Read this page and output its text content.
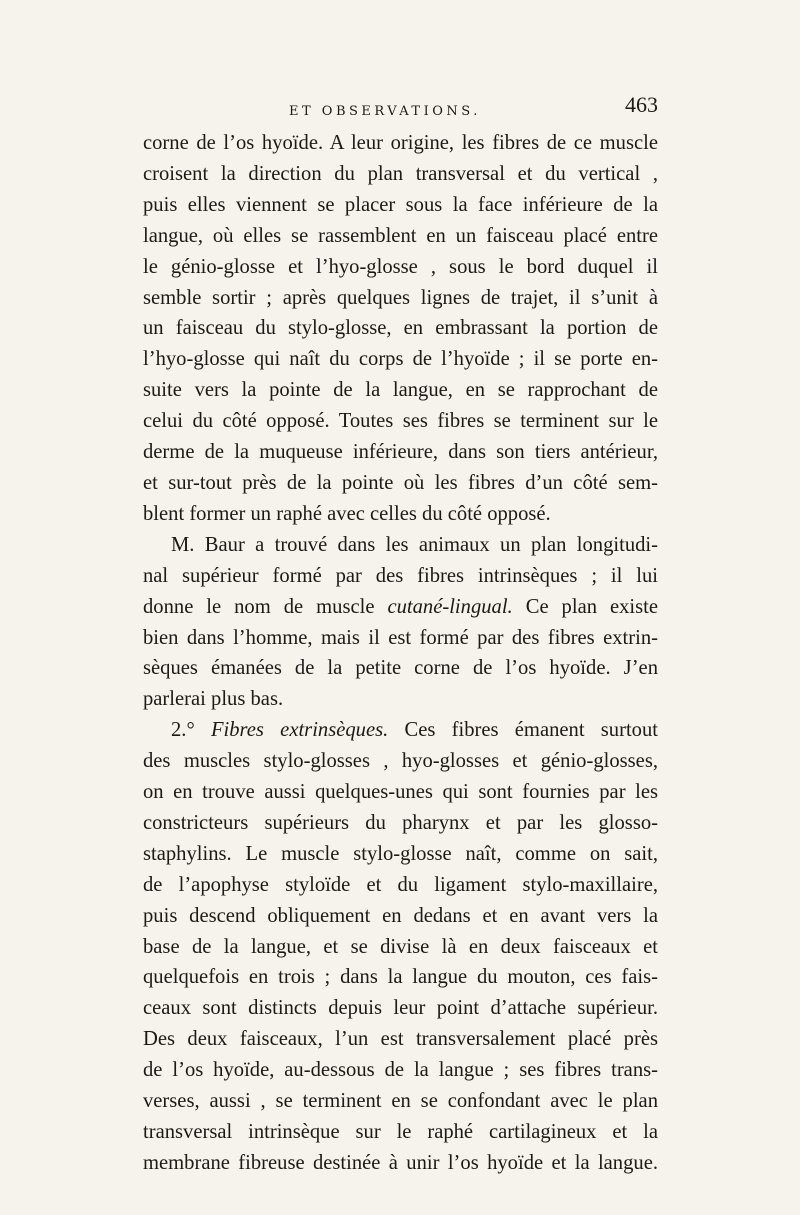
ET OBSERVATIONS.	463
corne de l’os hyoïde. A leur origine, les fibres de ce muscle
croisent la direction du plan transversal et du vertical ,
puis elles viennent se placer sous la face inférieure de la
langue, où elles se rassemblent en un faisceau placé entre
le génio-glosse et l’hyo-glosse , sous le bord duquel il
semble sortir ; après quelques lignes de trajet, il s’unit à
un faisceau du stylo-glosse, en embrassant la portion de
l’hyo-glosse qui naît du corps de l’hyoïde ; il se porte en-
suite vers la pointe de la langue, en se rapprochant de
celui du côté opposé. Toutes ses fibres se terminent sur le
derme de la muqueuse inférieure, dans son tiers antérieur,
et sur-tout près de la pointe où les fibres d’un côté sem-
blent former un raphé avec celles du côté opposé.
M. Baur a trouvé dans les animaux un plan longitudi-
nal supérieur formé par des fibres intrinsèques ; il lui
donne le nom de muscle cutané-lingual. Ce plan existe
bien dans l’homme, mais il est formé par des fibres extrin-
sèques émanées de la petite corne de l’os hyoïde. J’en
parlerai plus bas.
2.° Fibres extrinsèques. Ces fibres émanent surtout
des muscles stylo-glosses , hyo-glosses et génio-glosses,
on en trouve aussi quelques-unes qui sont fournies par les
constricteurs supérieurs du pharynx et par les glosso-
staphylins. Le muscle stylo-glosse naît, comme on sait,
de l’apophyse styloïde et du ligament stylo-maxillaire,
puis descend obliquement en dedans et en avant vers la
base de la langue, et se divise là en deux faisceaux et
quelquefois en trois ; dans la langue du mouton, ces fais-
ceaux sont distincts depuis leur point d’attache supérieur.
Des deux faisceaux, l’un est transversalement placé près
de l’os hyoïde, au-dessous de la langue ; ses fibres trans-
verses, aussi , se terminent en se confondant avec le plan
transversal intrinsèque sur le raphé cartilagineux et la
membrane fibreuse destinée à unir l’os hyoïde et la langue.
